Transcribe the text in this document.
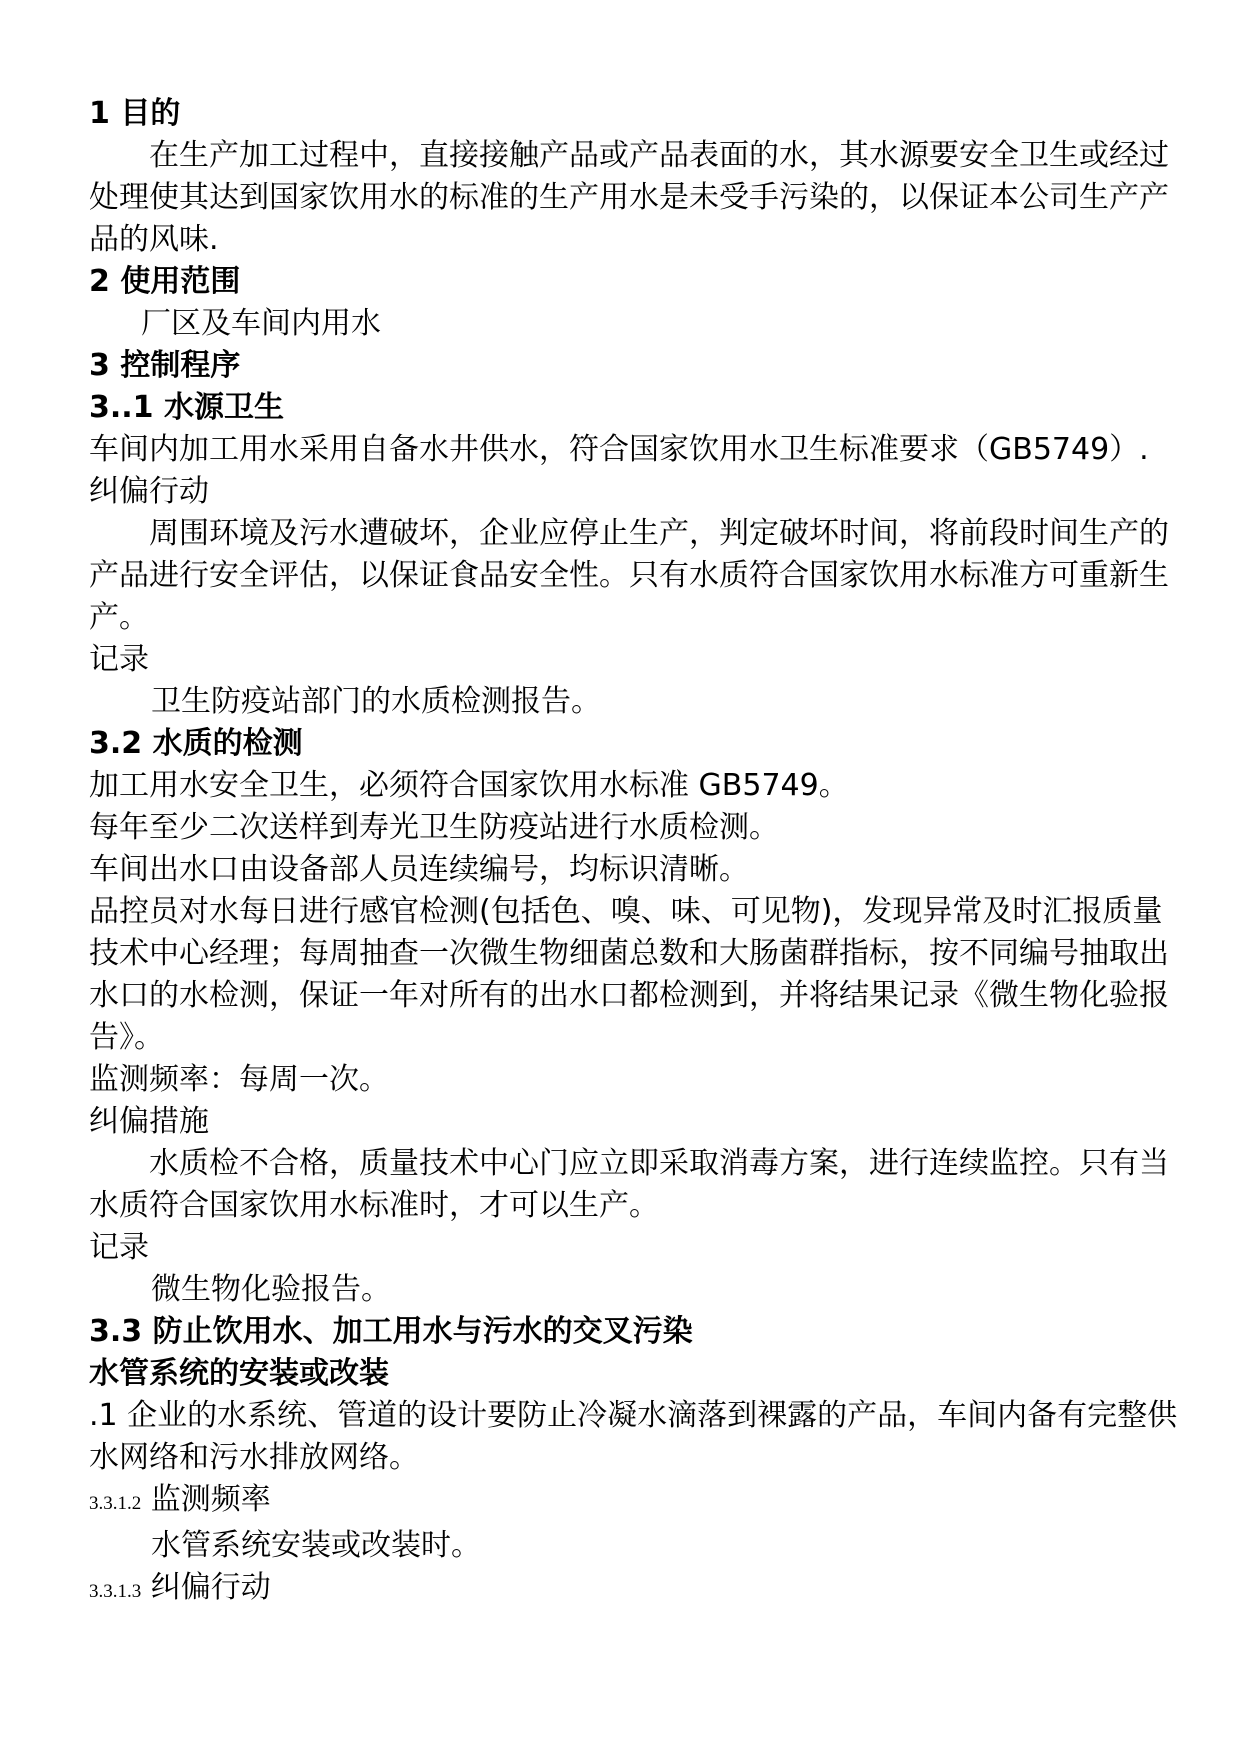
1 目的

在生产加工过程中，直接接触产品或产品表面的水，其水源要安全卫生或经过处理使其达到国家饮用水的标准的生产用水是未受手污染的，以保证本公司生产产品的风味.

2 使用范围

厂区及车间内用水

3 控制程序

3..1 水源卫生

车间内加工用水采用自备水井供水，符合国家饮用水卫生标准要求（GB5749）.

纠偏行动

周围环境及污水遭破坏，企业应停止生产，判定破坏时间，将前段时间生产的产品进行安全评估，以保证食品安全性。只有水质符合国家饮用水标准方可重新生产。

记录

卫生防疫站部门的水质检测报告。

3.2 水质的检测

加工用水安全卫生，必须符合国家饮用水标准 GB5749。

每年至少二次送样到寿光卫生防疫站进行水质检测。

车间出水口由设备部人员连续编号，均标识清晰。

品控员对水每日进行感官检测(包括色、嗅、味、可见物)，发现异常及时汇报质量技术中心经理；每周抽查一次微生物细菌总数和大肠菌群指标，按不同编号抽取出水口的水检测，保证一年对所有的出水口都检测到，并将结果记录《微生物化验报告》。

监测频率：每周一次。

纠偏措施

水质检不合格，质量技术中心门应立即采取消毒方案，进行连续监控。只有当水质符合国家饮用水标准时，才可以生产。

记录

微生物化验报告。

3.3 防止饮用水、加工用水与污水的交叉污染

水管系统的安装或改装

.1 企业的水系统、管道的设计要防止冷凝水滴落到裸露的产品，车间内备有完整供水网络和污水排放网络。

3.3.1.2 监测频率

水管系统安装或改装时。

3.3.1.3 纠偏行动
